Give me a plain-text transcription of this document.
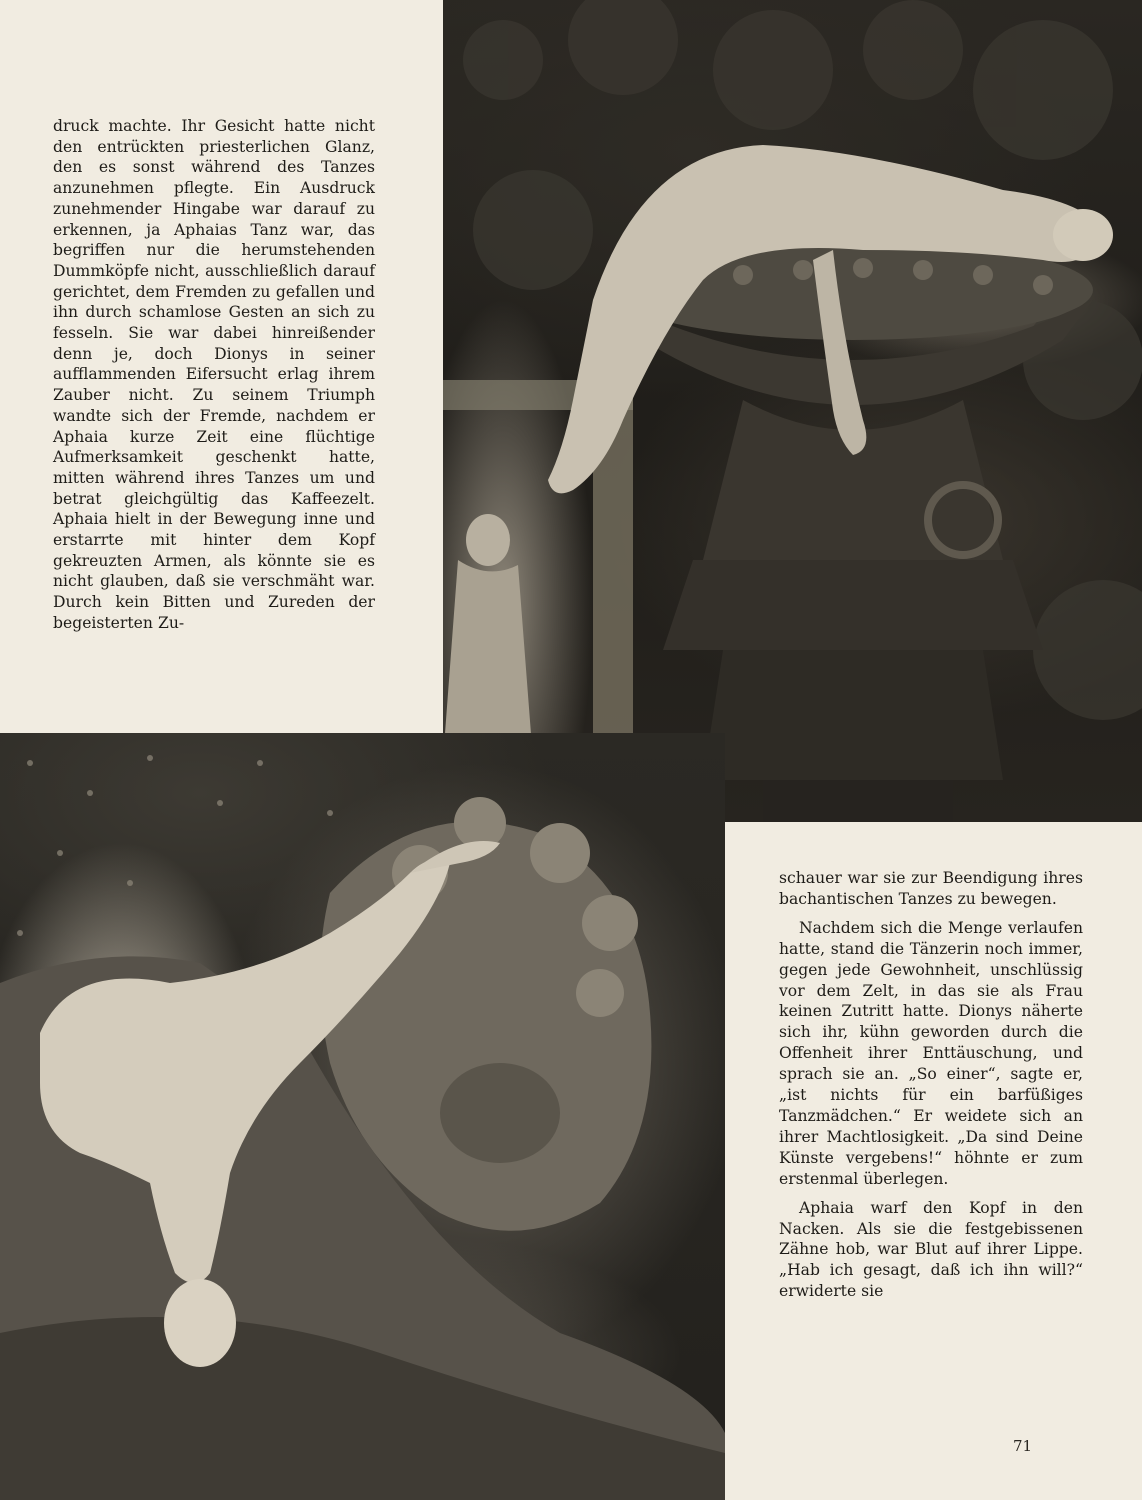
druck machte. Ihr Gesicht hatte nicht den entrückten priesterlichen Glanz, den es sonst während des Tanzes anzunehmen pflegte. Ein Ausdruck zunehmender Hingabe war darauf zu erkennen, ja Aphaias Tanz war, das begriffen nur die herumstehenden Dummköpfe nicht, ausschließlich darauf gerichtet, dem Fremden zu gefallen und ihn durch schamlose Gesten an sich zu fesseln. Sie war dabei hinreißender denn je, doch Dionys in seiner aufflammenden Eifersucht erlag ihrem Zauber nicht. Zu seinem Triumph wandte sich der Fremde, nachdem er Aphaia kurze Zeit eine flüchtige Aufmerksamkeit geschenkt hatte, mitten während ihres Tanzes um und betrat gleichgültig das Kaffeezelt. Aphaia hielt in der Bewegung inne und erstarrte mit hinter dem Kopf gekreuzten Armen, als könnte sie es nicht glauben, daß sie verschmäht war. Durch kein Bitten und Zureden der begeisterten Zu-

schauer war sie zur Beendigung ihres bachantischen Tanzes zu bewegen.

Nachdem sich die Menge verlaufen hatte, stand die Tänzerin noch immer, gegen jede Gewohnheit, unschlüssig vor dem Zelt, in das sie als Frau keinen Zutritt hatte. Dionys näherte sich ihr, kühn geworden durch die Offenheit ihrer Enttäuschung, und sprach sie an. „So einer“, sagte er, „ist nichts für ein barfüßiges Tanzmädchen.“ Er weidete sich an ihrer Machtlosigkeit. „Da sind Deine Künste vergebens!“ höhnte er zum erstenmal überlegen.

Aphaia warf den Kopf in den Nacken. Als sie die festgebissenen Zähne hob, war Blut auf ihrer Lippe. „Hab ich gesagt, daß ich ihn will?“ erwiderte sie

71
